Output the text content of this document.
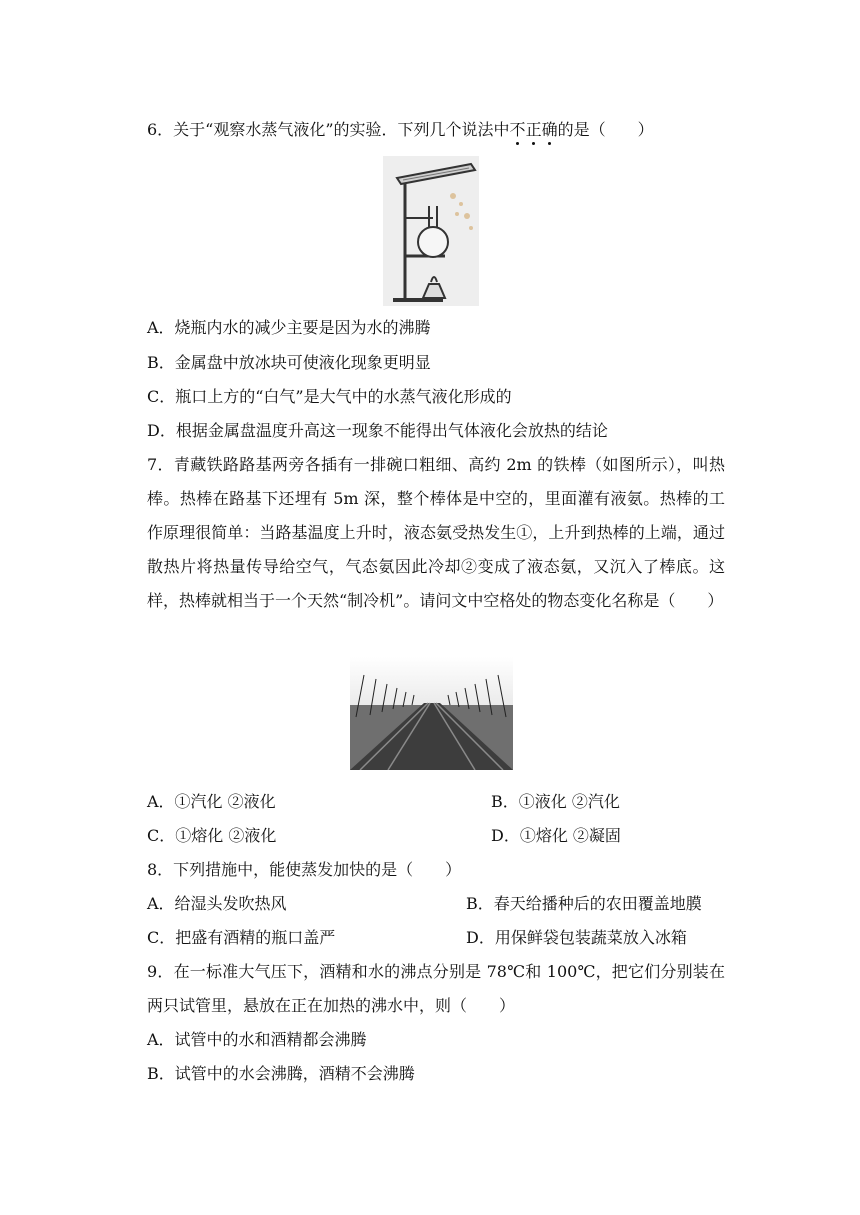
6．关于“观察水蒸气液化”的实验．下列几个说法中不正确的是（　　）
A．烧瓶内水的减少主要是因为水的沸腾
B．金属盘中放冰块可使液化现象更明显
C．瓶口上方的“白气”是大气中的水蒸气液化形成的
D．根据金属盘温度升高这一现象不能得出气体液化会放热的结论
7．青藏铁路路基两旁各插有一排碗口粗细、高约 2m 的铁棒（如图所示），叫热棒。热棒在路基下还埋有 5m 深，整个棒体是中空的，里面灌有液氨。热棒的工作原理很简单：当路基温度上升时，液态氨受热发生①，上升到热棒的上端，通过散热片将热量传导给空气，气态氨因此冷却②变成了液态氨，又沉入了棒底。这样，热棒就相当于一个天然“制冷机”。请问文中空格处的物态变化名称是（　　）
A．①汽化 ②液化	B．①液化 ②汽化
C．①熔化 ②液化	D．①熔化 ②凝固
8．下列措施中，能使蒸发加快的是（　　）
A．给湿头发吹热风	B．春天给播种后的农田覆盖地膜
C．把盛有酒精的瓶口盖严	D．用保鲜袋包装蔬菜放入冰箱
9．在一标准大气压下，酒精和水的沸点分别是 78℃和 100℃，把它们分别装在两只试管里，悬放在正在加热的沸水中，则（　　）
A．试管中的水和酒精都会沸腾
B．试管中的水会沸腾，酒精不会沸腾
